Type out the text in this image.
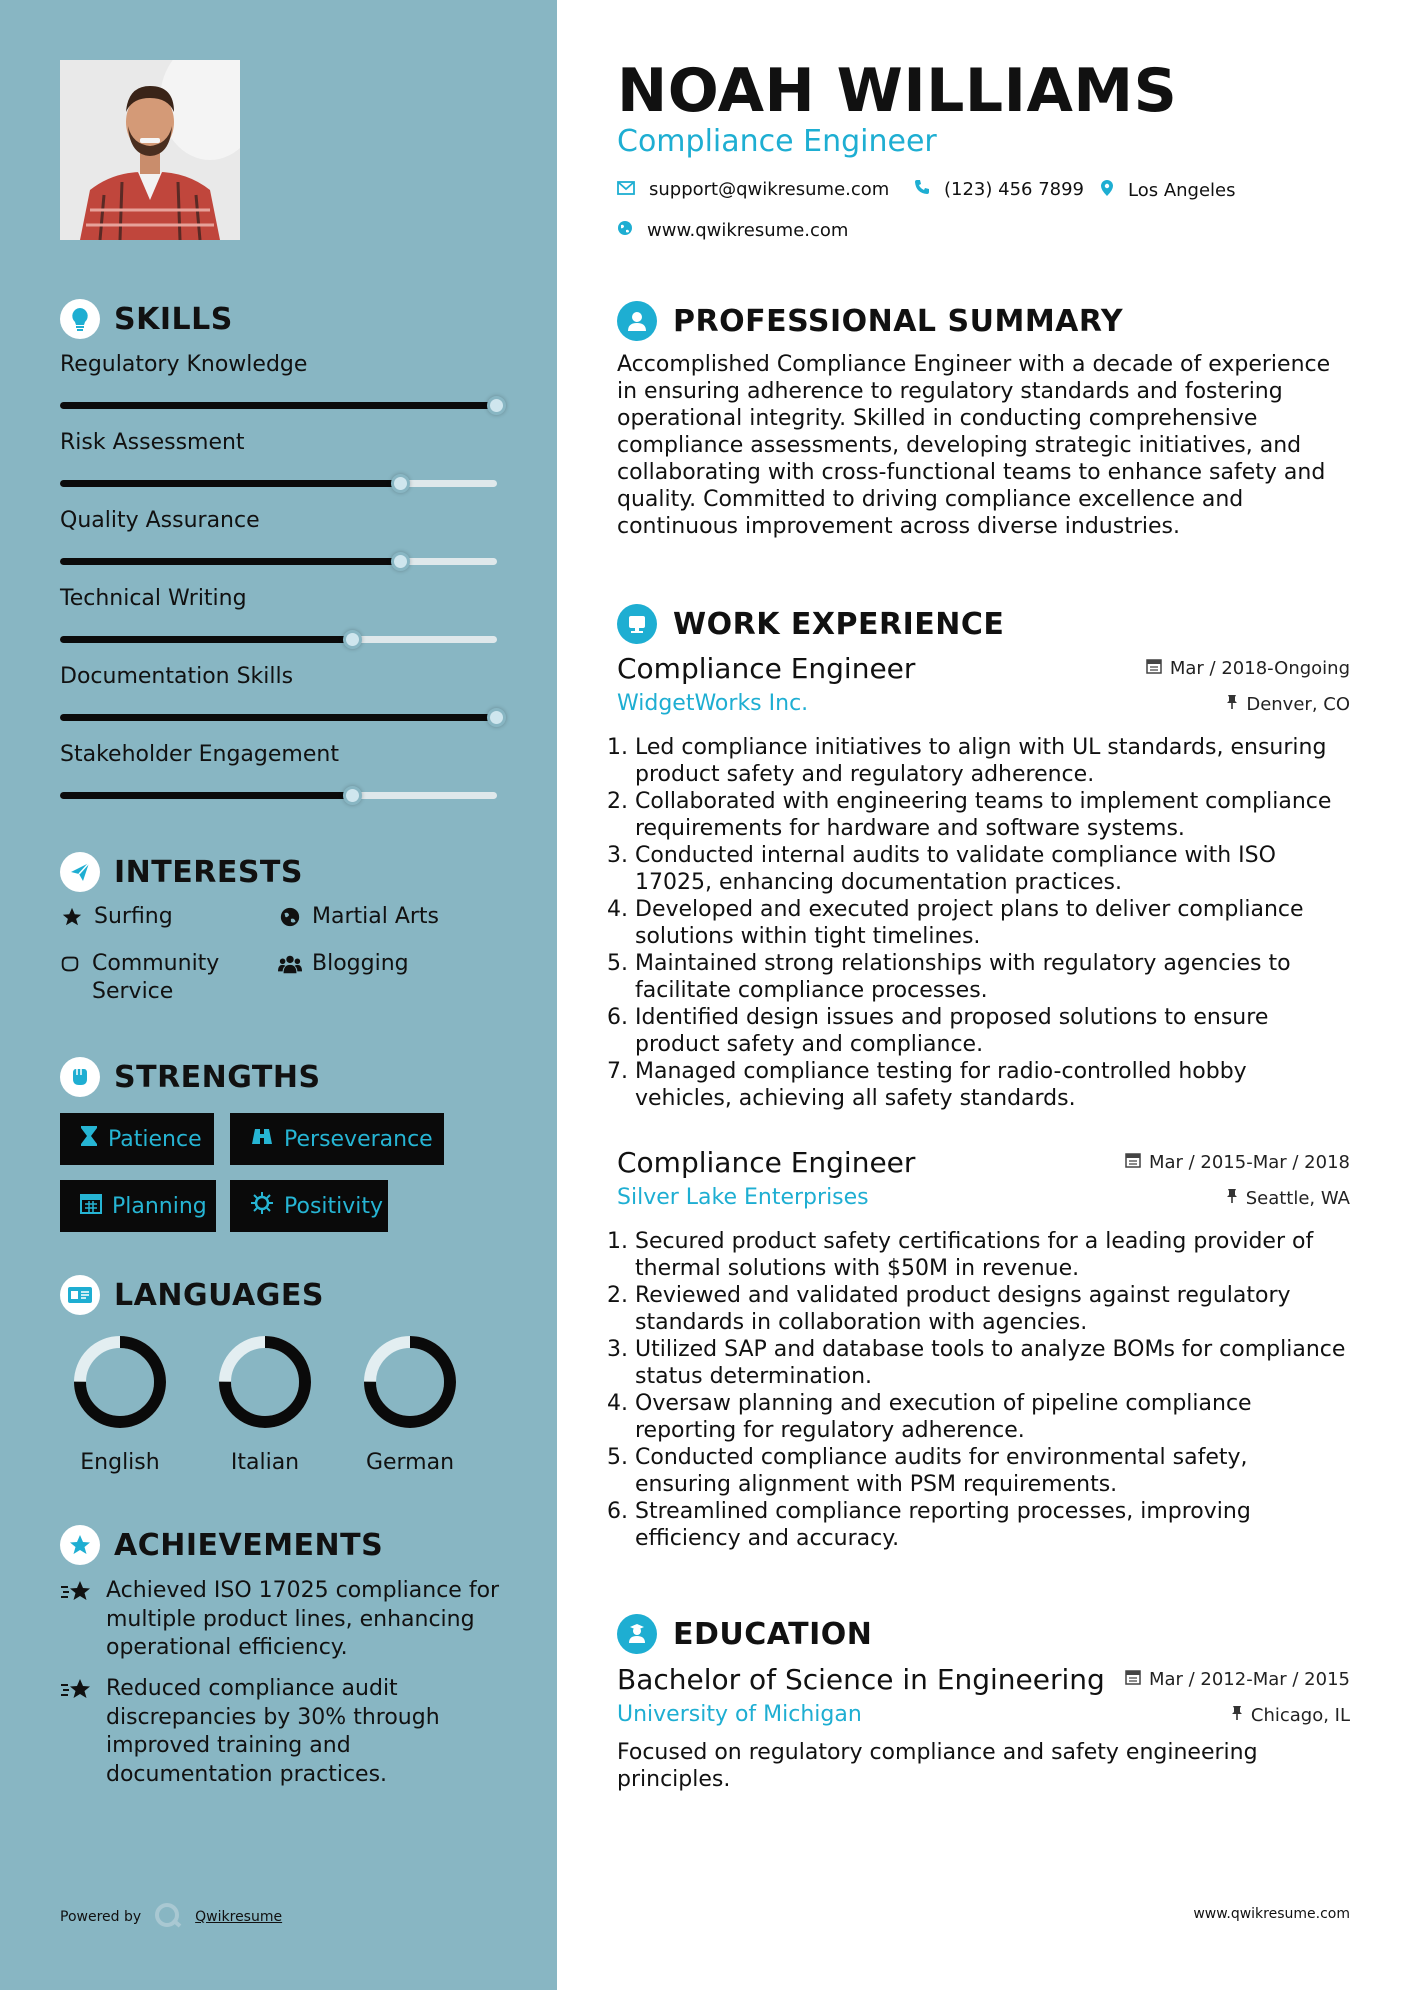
SKILLS
Regulatory Knowledge
Risk Assessment
Quality Assurance
Technical Writing
Documentation Skills
Stakeholder Engagement
INTERESTS
Surfing	Martial Arts
Community
Service
Blogging
STRENGTHS
Patience	Perseverance
Planning	Positivity
LANGUAGES
English	Italian	German
ACHIEVEMENTS
Achieved ISO 17025 compliance for multiple product lines, enhancing operational efficiency.
Reduced compliance audit discrepancies by 30% through improved training and documentation practices.
Powered by	Qwikresume
NOAH WILLIAMS
Compliance Engineer
support@qwikresume.com	(123) 456 7899 Los Angeles
www.qwikresume.com
PROFESSIONAL SUMMARY
Accomplished Compliance Engineer with a decade of experience in ensuring adherence to regulatory standards and fostering operational integrity. Skilled in conducting comprehensive compliance assessments, developing strategic initiatives, and collaborating with cross-functional teams to enhance safety and quality. Committed to driving compliance excellence and continuous improvement across diverse industries.
WORK EXPERIENCE
Compliance Engineer
WidgetWorks Inc.
Mar / 2018-Ongoing
Denver, CO
1. Led compliance initiatives to align with UL standards, ensuring product safety and regulatory adherence.
2. Collaborated with engineering teams to implement compliance requirements for hardware and software systems.
3. Conducted internal audits to validate compliance with ISO 17025, enhancing documentation practices.
4. Developed and executed project plans to deliver compliance solutions within tight timelines.
5. Maintained strong relationships with regulatory agencies to facilitate compliance processes.
6. Identified design issues and proposed solutions to ensure product safety and compliance.
7. Managed compliance testing for radio-controlled hobby vehicles, achieving all safety standards.
Compliance Engineer
Silver Lake Enterprises
Mar / 2015-Mar / 2018
Seattle, WA
1. Secured product safety certifications for a leading provider of thermal solutions with $50M in revenue.
2. Reviewed and validated product designs against regulatory standards in collaboration with agencies.
3. Utilized SAP and database tools to analyze BOMs for compliance status determination.
4. Oversaw planning and execution of pipeline compliance reporting for regulatory adherence.
5. Conducted compliance audits for environmental safety, ensuring alignment with PSM requirements.
6. Streamlined compliance reporting processes, improving efficiency and accuracy.
EDUCATION
Bachelor of Science in Engineering
University of Michigan
Mar / 2012-Mar / 2015
Chicago, IL
Focused on regulatory compliance and safety engineering principles.
www.qwikresume.com
